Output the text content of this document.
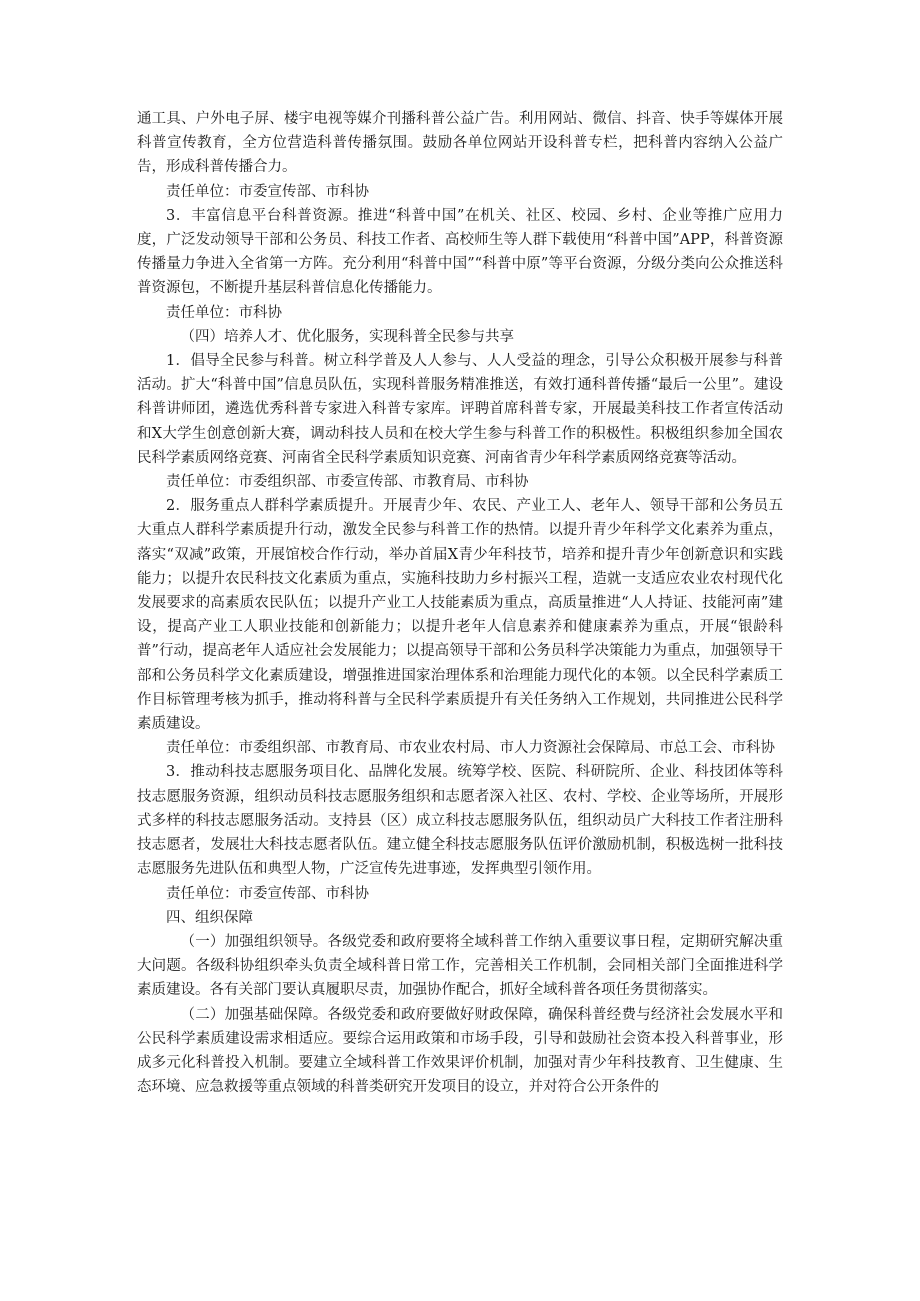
通工具、户外电子屏、楼宇电视等媒介刊播科普公益广告。利用网站、微信、抖音、快手等媒体开展科普宣传教育，全方位营造科普传播氛围。鼓励各单位网站开设科普专栏，把科普内容纳入公益广告，形成科普传播合力。

责任单位：市委宣传部、市科协

3．丰富信息平台科普资源。推进“科普中国”在机关、社区、校园、乡村、企业等推广应用力度，广泛发动领导干部和公务员、科技工作者、高校师生等人群下载使用“科普中国”APP，科普资源传播量力争进入全省第一方阵。充分利用“科普中国”“科普中原”等平台资源，分级分类向公众推送科普资源包，不断提升基层科普信息化传播能力。

责任单位：市科协

（四）培养人才、优化服务，实现科普全民参与共享

1．倡导全民参与科普。树立科学普及人人参与、人人受益的理念，引导公众积极开展参与科普活动。扩大“科普中国”信息员队伍，实现科普服务精准推送，有效打通科普传播“最后一公里”。建设科普讲师团，遴选优秀科普专家进入科普专家库。评聘首席科普专家，开展最美科技工作者宣传活动和X大学生创意创新大赛，调动科技人员和在校大学生参与科普工作的积极性。积极组织参加全国农民科学素质网络竞赛、河南省全民科学素质知识竞赛、河南省青少年科学素质网络竞赛等活动。

责任单位：市委组织部、市委宣传部、市教育局、市科协

2．服务重点人群科学素质提升。开展青少年、农民、产业工人、老年人、领导干部和公务员五大重点人群科学素质提升行动，激发全民参与科普工作的热情。以提升青少年科学文化素养为重点，落实“双减”政策，开展馆校合作行动，举办首届X青少年科技节，培养和提升青少年创新意识和实践能力；以提升农民科技文化素质为重点，实施科技助力乡村振兴工程，造就一支适应农业农村现代化发展要求的高素质农民队伍；以提升产业工人技能素质为重点，高质量推进“人人持证、技能河南”建设，提高产业工人职业技能和创新能力；以提升老年人信息素养和健康素养为重点，开展“银龄科普”行动，提高老年人适应社会发展能力；以提高领导干部和公务员科学决策能力为重点，加强领导干部和公务员科学文化素质建设，增强推进国家治理体系和治理能力现代化的本领。以全民科学素质工作目标管理考核为抓手，推动将科普与全民科学素质提升有关任务纳入工作规划，共同推进公民科学素质建设。

责任单位：市委组织部、市教育局、市农业农村局、市人力资源社会保障局、市总工会、市科协

3．推动科技志愿服务项目化、品牌化发展。统筹学校、医院、科研院所、企业、科技团体等科技志愿服务资源，组织动员科技志愿服务组织和志愿者深入社区、农村、学校、企业等场所，开展形式多样的科技志愿服务活动。支持县（区）成立科技志愿服务队伍，组织动员广大科技工作者注册科技志愿者，发展壮大科技志愿者队伍。建立健全科技志愿服务队伍评价激励机制，积极选树一批科技志愿服务先进队伍和典型人物，广泛宣传先进事迹，发挥典型引领作用。

责任单位：市委宣传部、市科协

四、组织保障

（一）加强组织领导。各级党委和政府要将全域科普工作纳入重要议事日程，定期研究解决重大问题。各级科协组织牵头负责全域科普日常工作，完善相关工作机制，会同相关部门全面推进科学素质建设。各有关部门要认真履职尽责，加强协作配合，抓好全域科普各项任务贯彻落实。

（二）加强基础保障。各级党委和政府要做好财政保障，确保科普经费与经济社会发展水平和公民科学素质建设需求相适应。要综合运用政策和市场手段，引导和鼓励社会资本投入科普事业，形成多元化科普投入机制。要建立全域科普工作效果评价机制，加强对青少年科技教育、卫生健康、生态环境、应急救援等重点领域的科普类研究开发项目的设立，并对符合公开条件的
